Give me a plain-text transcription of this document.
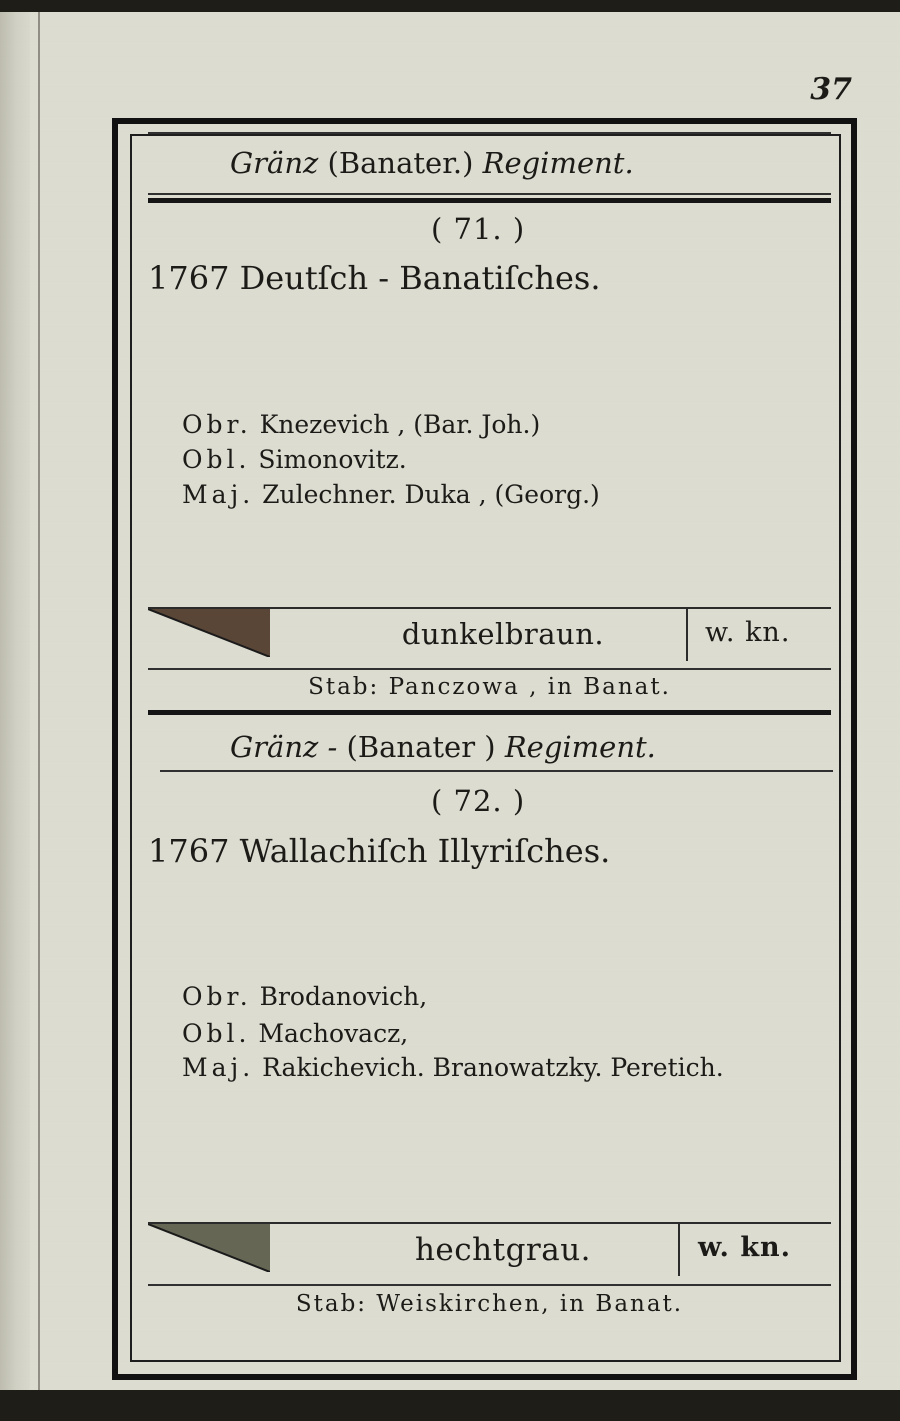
37
Gränz (Banater.) Regiment.
( 71. )
1767 Deutſch - Banatiſches.
Obr. Knezevich , (Bar. Joh.)
Obl. Simonovitz.
Maj. Zulechner. Duka , (Georg.)
dunkelbraun.	w. kn.
Stab: Panczowa , in Banat.
Gränz - (Banater ) Regiment.
( 72. )
1767 Wallachiſch Illyriſches.
Obr. Brodanovich,
Obl. Machovacz,
Maj. Rakichevich. Branowatzky. Peretich.
hechtgrau.	w. kn.
Stab: Weiskirchen, in Banat.
